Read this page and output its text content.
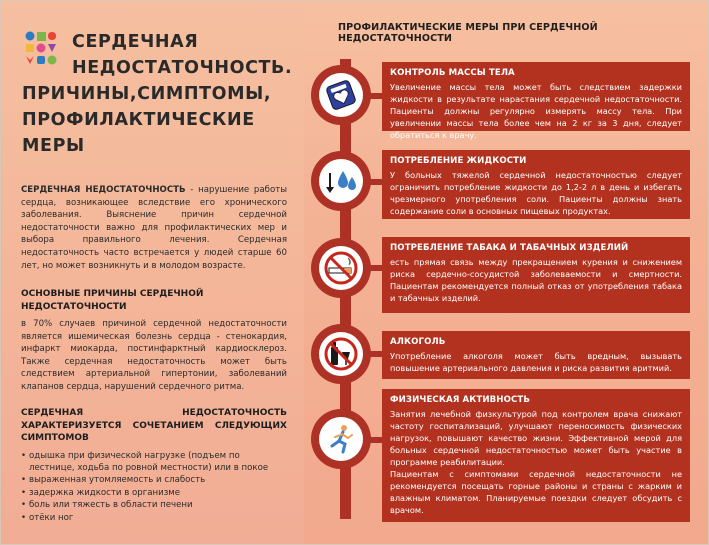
СЕРДЕЧНАЯ
НЕДОСТАТОЧНОСТЬ.
ПРИЧИНЫ,СИМПТОМЫ,
ПРОФИЛАКТИЧЕСКИЕ
МЕРЫ

СЕРДЕЧНАЯ НЕДОСТАТОЧНОСТЬ - нарушение работы сердца, возникающее вследствие его хронического заболевания. Выяснение причин сердечной недостаточности важно для профилактических мер и выбора правильного лечения. Сердечная недостаточность часто встречается у людей старше 60 лет, но может возникнуть и в молодом возрасте.

ОСНОВНЫЕ ПРИЧИНЫ СЕРДЕЧНОЙ НЕДОСТАТОЧНОСТИ

в 70% случаев причиной сердечной недостаточности является ишемическая болезнь сердца - стенокардия, инфаркт миокарда, постинфарктный кардиосклероз. Также сердечная недостаточность может быть следствием артериальной гипертонии, заболеваний клапанов сердца, нарушений сердечного ритма.

СЕРДЕЧНАЯ НЕДОСТАТОЧНОСТЬ ХАРАКТЕРИЗУЕТСЯ СОЧЕТАНИЕМ СЛЕДУЮЩИХ СИМПТОМОВ
• одышка при физической нагрузке (подъем по лестнице, ходьба по ровной местности) или в покое
• выраженная утомляемость и слабость
• задержка жидкости в организме
• боль или тяжесть в области печени
• отёки ног
ПРОФИЛАКТИЧЕСКИЕ МЕРЫ ПРИ СЕРДЕЧНОЙ НЕДОСТАТОЧНОСТИ
КОНТРОЛЬ МАССЫ ТЕЛА

Увеличение массы тела может быть следствием задержки жидкости в результате нарастания сердечной недостаточности. Пациенты должны регулярно измерять массу тела. При увеличении массы тела более чем на 2 кг за 3 дня, следует обратиться к врачу.

ПОТРЕБЛЕНИЕ ЖИДКОСТИ

У больных тяжелой сердечной недостаточностью следует ограничить потребление жидкости до 1,2-2 л в день и избегать чрезмерного употребления соли. Пациенты должны знать содержание соли в основных пищевых продуктах.

ПОТРЕБЛЕНИЕ ТАБАКА И ТАБАЧНЫХ ИЗДЕЛИЙ

есть прямая связь между прекращением курения и снижением риска сердечно-сосудистой заболеваемости и смертности. Пациентам рекомендуется полный отказ от употребления табака и табачных изделий.

АЛКОГОЛЬ

Употребление алкоголя может быть вредным, вызывать повышение артериального давления и риска развития аритмий.

ФИЗИЧЕСКАЯ АКТИВНОСТЬ

Занятия лечебной физкультурой под контролем врача снижают частоту госпитализаций, улучшают переносимость физических нагрузок, повышают качество жизни. Эффективной мерой для больных сердечной недостаточностью может быть участие в программе реабилитации.

Пациентам с симптомами сердечной недостаточности не рекомендуется посещать горные районы и страны с жарким и влажным климатом. Планируемые поездки следует обсудить с врачом.
